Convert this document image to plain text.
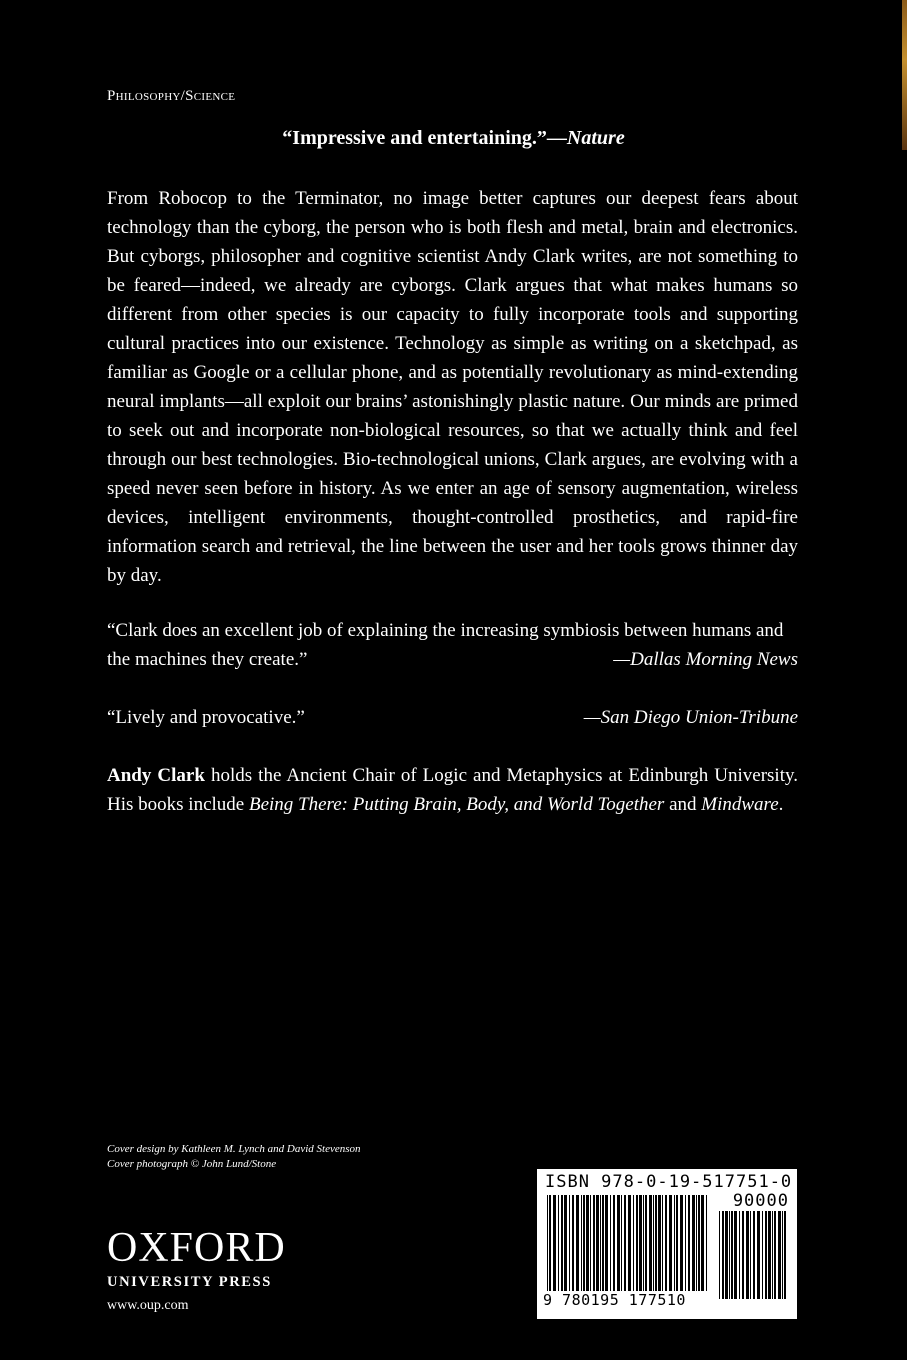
Philosophy/Science
“Impressive and entertaining.”—Nature
From Robocop to the Terminator, no image better captures our deepest fears about technology than the cyborg, the person who is both flesh and metal, brain and electronics. But cyborgs, philosopher and cognitive scientist Andy Clark writes, are not something to be feared—indeed, we already are cyborgs. Clark argues that what makes humans so different from other species is our capacity to fully incorporate tools and supporting cultural practices into our existence. Technology as simple as writing on a sketchpad, as familiar as Google or a cellular phone, and as potentially revolutionary as mind-extending neural implants—all exploit our brains’ astonishingly plastic nature. Our minds are primed to seek out and incorporate non-biological resources, so that we actually think and feel through our best technologies. Bio-technological unions, Clark argues, are evolving with a speed never seen before in history. As we enter an age of sensory augmentation, wireless devices, intelligent environments, thought-controlled prosthetics, and rapid-fire information search and retrieval, the line between the user and her tools grows thinner day by day.
“Clark does an excellent job of explaining the increasing symbiosis between humans and the machines they create.”	—Dallas Morning News
“Lively and provocative.”	—San Diego Union-Tribune
Andy Clark holds the Ancient Chair of Logic and Metaphysics at Edinburgh University. His books include Being There: Putting Brain, Body, and World Together and Mindware.
Cover design by Kathleen M. Lynch and David Stevenson
Cover photograph © John Lund/Stone
OXFORD
UNIVERSITY PRESS
www.oup.com
ISBN 978-0-19-517751-0
90000
9 780195 177510
